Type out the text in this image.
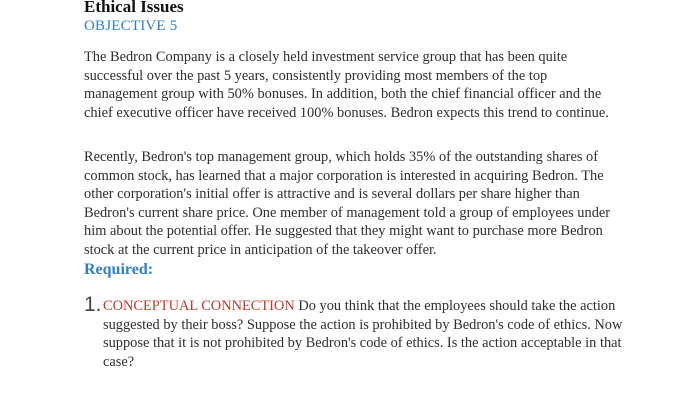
Ethical Issues
OBJECTIVE 5

The Bedron Company is a closely held investment service group that has been quite successful over the past 5 years, consistently providing most members of the top management group with 50% bonuses. In addition, both the chief financial officer and the chief executive officer have received 100% bonuses. Bedron expects this trend to continue.

Recently, Bedron's top management group, which holds 35% of the outstanding shares of common stock, has learned that a major corporation is interested in acquiring Bedron. The other corporation's initial offer is attractive and is several dollars per share higher than Bedron's current share price. One member of management told a group of employees under him about the potential offer. He suggested that they might want to purchase more Bedron stock at the current price in anticipation of the takeover offer.

Required:
1. CONCEPTUAL CONNECTION Do you think that the employees should take the action suggested by their boss? Suppose the action is prohibited by Bedron's code of ethics. Now suppose that it is not prohibited by Bedron's code of ethics. Is the action acceptable in that case?
